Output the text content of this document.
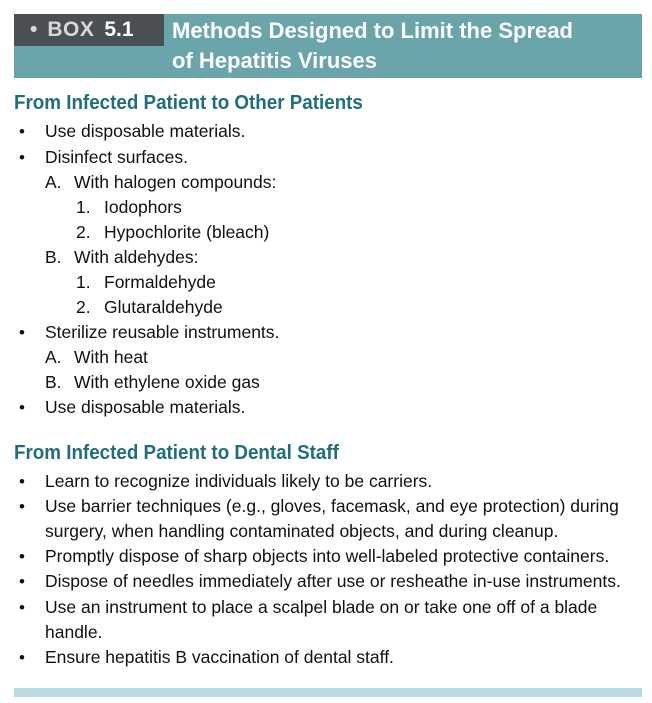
• BOX 5.1 Methods Designed to Limit the Spread
of Hepatitis Viruses
From Infected Patient to Other Patients
• Use disposable materials.
• Disinfect surfaces.
A. With halogen compounds:
1. Iodophors
2. Hypochlorite (bleach)
B. With aldehydes:
1. Formaldehyde
2. Glutaraldehyde
• Sterilize reusable instruments.
A. With heat
B. With ethylene oxide gas
• Use disposable materials.
From Infected Patient to Dental Staff
• Learn to recognize individuals likely to be carriers.
• Use barrier techniques (e.g., gloves, facemask, and eye protection) during
surgery, when handling contaminated objects, and during cleanup.
• Promptly dispose of sharp objects into well-labeled protective containers.
• Dispose of needles immediately after use or resheathe in-use instruments.
• Use an instrument to place a scalpel blade on or take one off of a blade
handle.
• Ensure hepatitis B vaccination of dental staff.
